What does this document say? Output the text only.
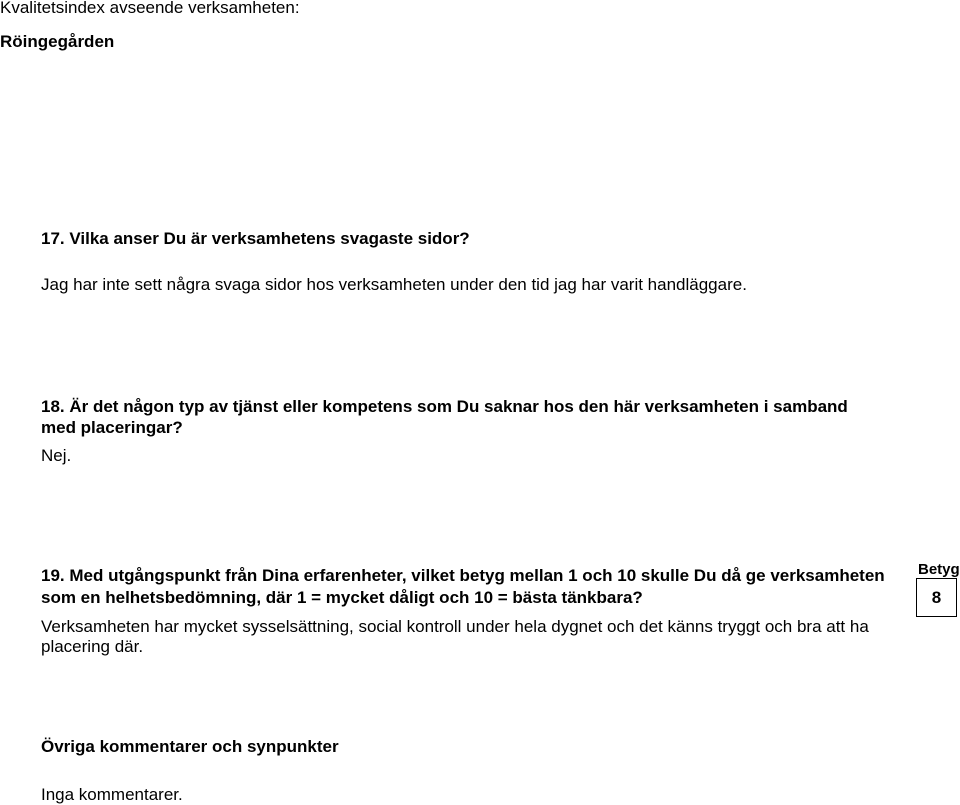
Kvalitetsindex avseende verksamheten:
Röingegården
17. Vilka anser Du är verksamhetens svagaste sidor?
Jag har inte sett några svaga sidor hos verksamheten under den tid jag har varit handläggare.
18. Är det någon typ av tjänst eller kompetens som Du saknar hos den här verksamheten i samband
med placeringar?
Nej.
19. Med utgångspunkt från Dina erfarenheter, vilket betyg mellan 1 och 10 skulle Du då ge verksamheten
som en helhetsbedömning, där 1 = mycket dåligt och 10 = bästa tänkbara?
Verksamheten har mycket sysselsättning, social kontroll under hela dygnet och det känns tryggt och bra att ha
placering där.
Betyg
8
Övriga kommentarer och synpunkter
Inga kommentarer.
